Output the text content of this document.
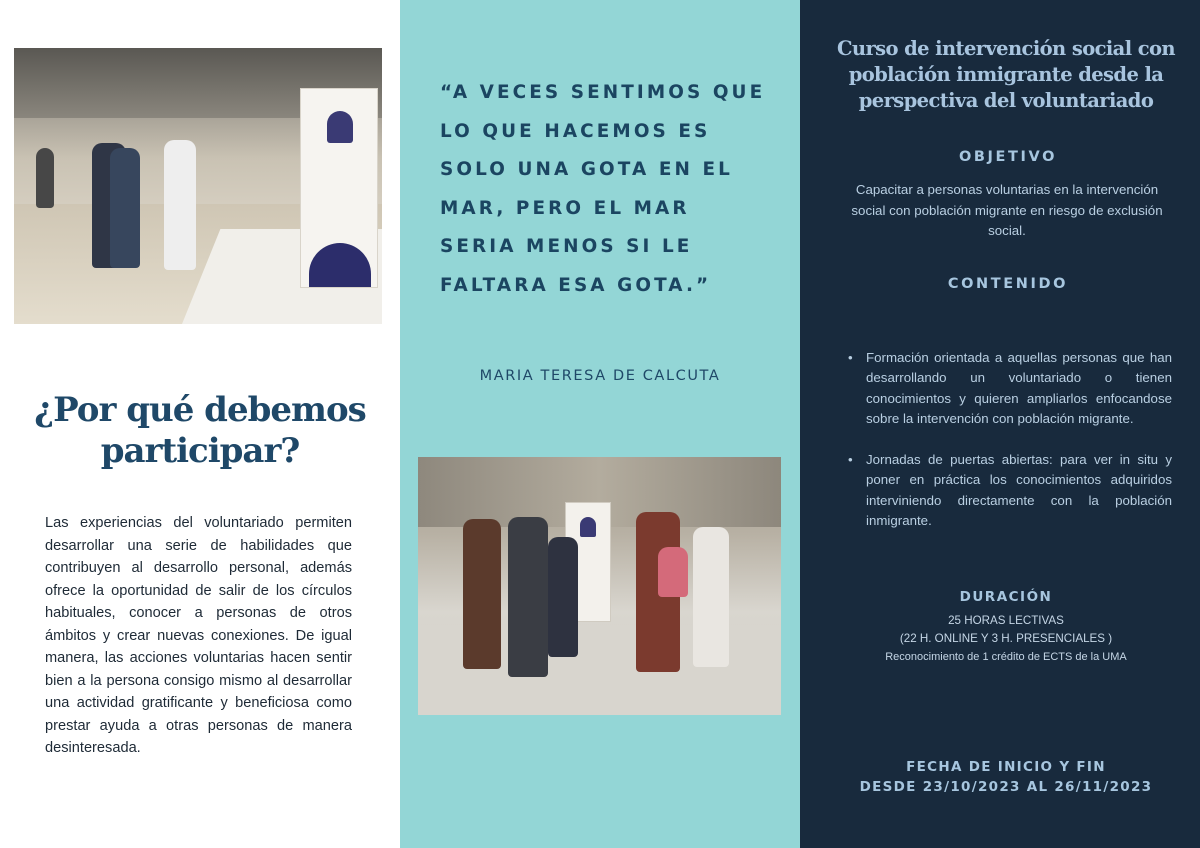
¿Por qué debemos participar?

Las experiencias del voluntariado permiten desarrollar una serie de habilidades que contribuyen al desarrollo personal, además ofrece la oportunidad de salir de los círculos habituales, conocer a personas de otros ámbitos y crear nuevas conexiones. De igual manera, las acciones voluntarias hacen sentir bien a la persona consigo mismo al desarrollar una actividad gratificante y beneficiosa como prestar ayuda a otras personas de manera desinteresada.

“A VECES SENTIMOS QUE LO QUE HACEMOS ES SOLO UNA GOTA EN EL MAR, PERO EL MAR SERIA MENOS SI LE FALTARA ESA GOTA.”

MARIA TERESA DE CALCUTA

Curso de intervención social con población inmigrante desde la perspectiva del voluntariado
OBJETIVO

Capacitar a personas voluntarias en la intervención social con población migrante en riesgo de exclusión social.

CONTENIDO
• Formación orientada a aquellas personas que han desarrollando un voluntariado o tienen conocimientos y quieren ampliarlos enfocandose sobre la intervención con población migrante.
• Jornadas de puertas abiertas: para ver in situ y poner en práctica los conocimientos adquiridos interviniendo directamente con la población inmigrante.
DURACIÓN
25 HORAS LECTIVAS
(22 H. ONLINE Y 3 H. PRESENCIALES )
Reconocimiento de 1 crédito de ECTS de la UMA
FECHA DE INICIO Y FIN
DESDE 23/10/2023 AL 26/11/2023
